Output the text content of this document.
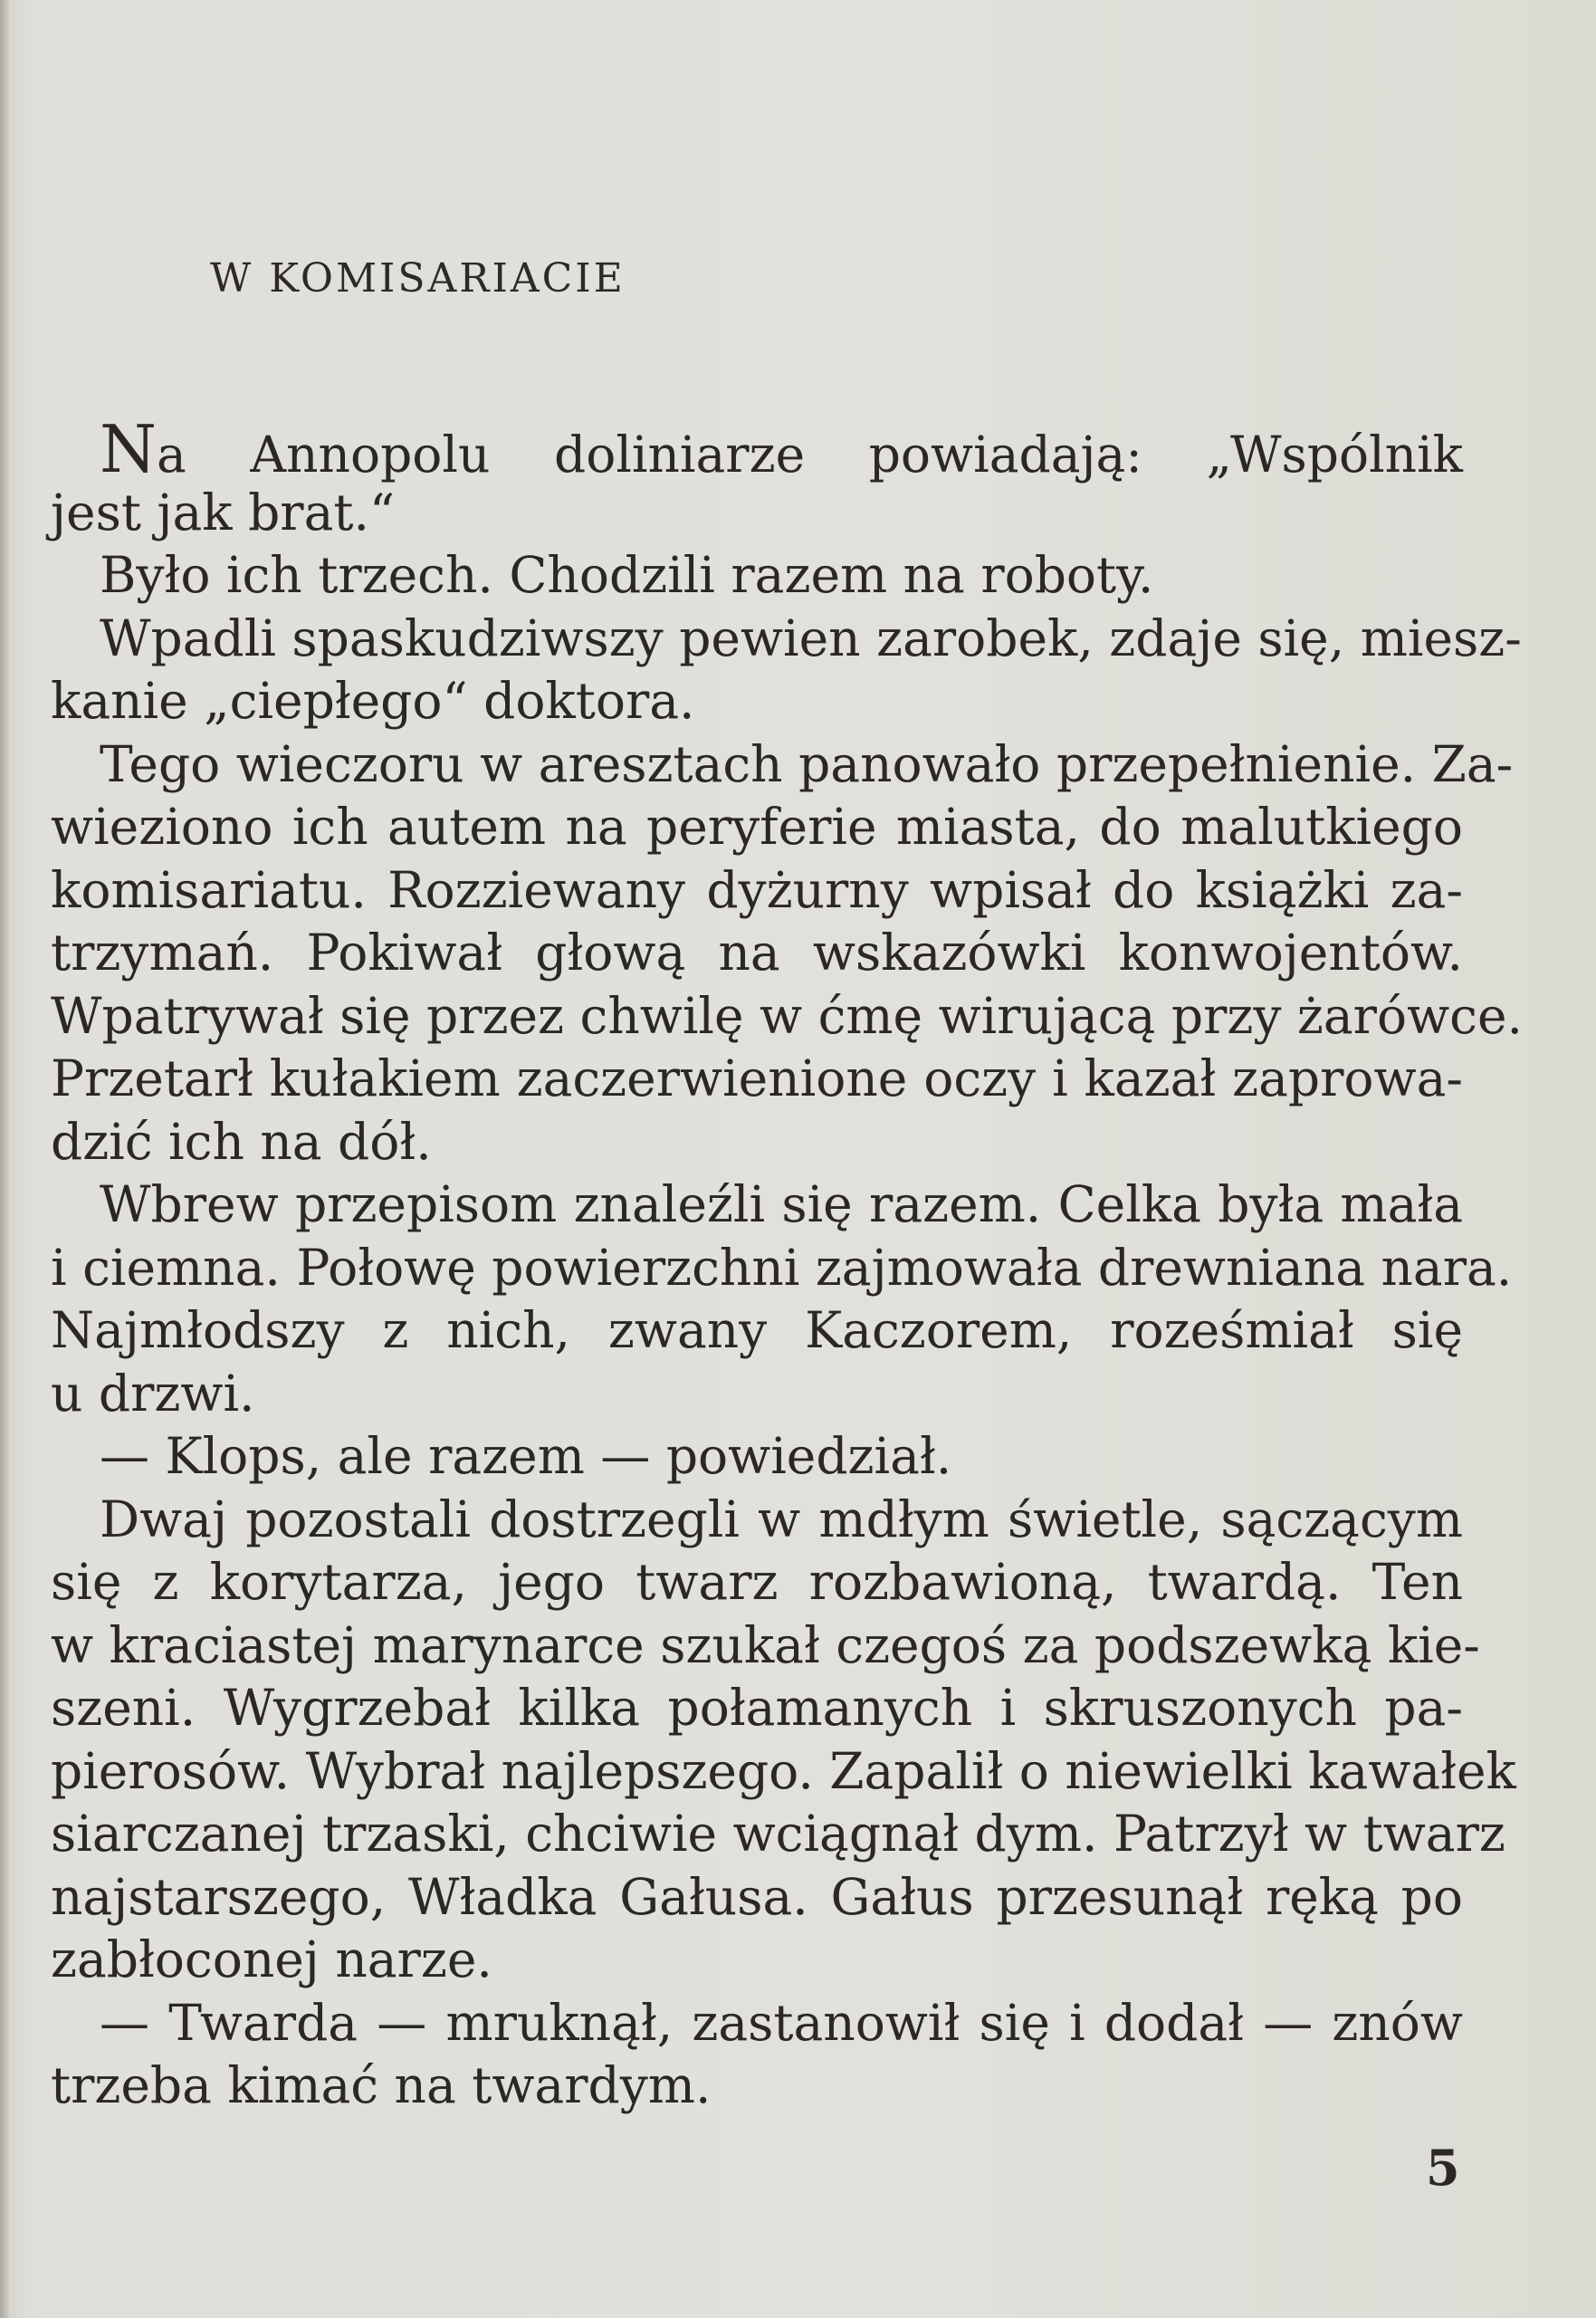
W KOMISARIACIE
Na Annopolu doliniarze powiadają: „Wspólnik
jest jak brat.“
Było ich trzech. Chodzili razem na roboty.
Wpadli spaskudziwszy pewien zarobek, zdaje się, miesz-
kanie „ciepłego“ doktora.
Tego wieczoru w aresztach panowało przepełnienie. Za-
wieziono ich autem na peryferie miasta, do malutkiego
komisariatu. Rozziewany dyżurny wpisał do książki za-
trzymań. Pokiwał głową na wskazówki konwojentów.
Wpatrywał się przez chwilę w ćmę wirującą przy żarówce.
Przetarł kułakiem zaczerwienione oczy i kazał zaprowa-
dzić ich na dół.
Wbrew przepisom znaleźli się razem. Celka była mała
i ciemna. Połowę powierzchni zajmowała drewniana nara.
Najmłodszy z nich, zwany Kaczorem, roześmiał się
u drzwi.
— Klops, ale razem — powiedział.
Dwaj pozostali dostrzegli w mdłym świetle, sączącym
się z korytarza, jego twarz rozbawioną, twardą. Ten
w kraciastej marynarce szukał czegoś za podszewką kie-
szeni. Wygrzebał kilka połamanych i skruszonych pa-
pierosów. Wybrał najlepszego. Zapalił o niewielki kawałek
siarczanej trzaski, chciwie wciągnął dym. Patrzył w twarz
najstarszego, Władka Gałusa. Gałus przesunął ręką po
zabłoconej narze.
— Twarda — mruknął, zastanowił się i dodał — znów
trzeba kimać na twardym.
5
